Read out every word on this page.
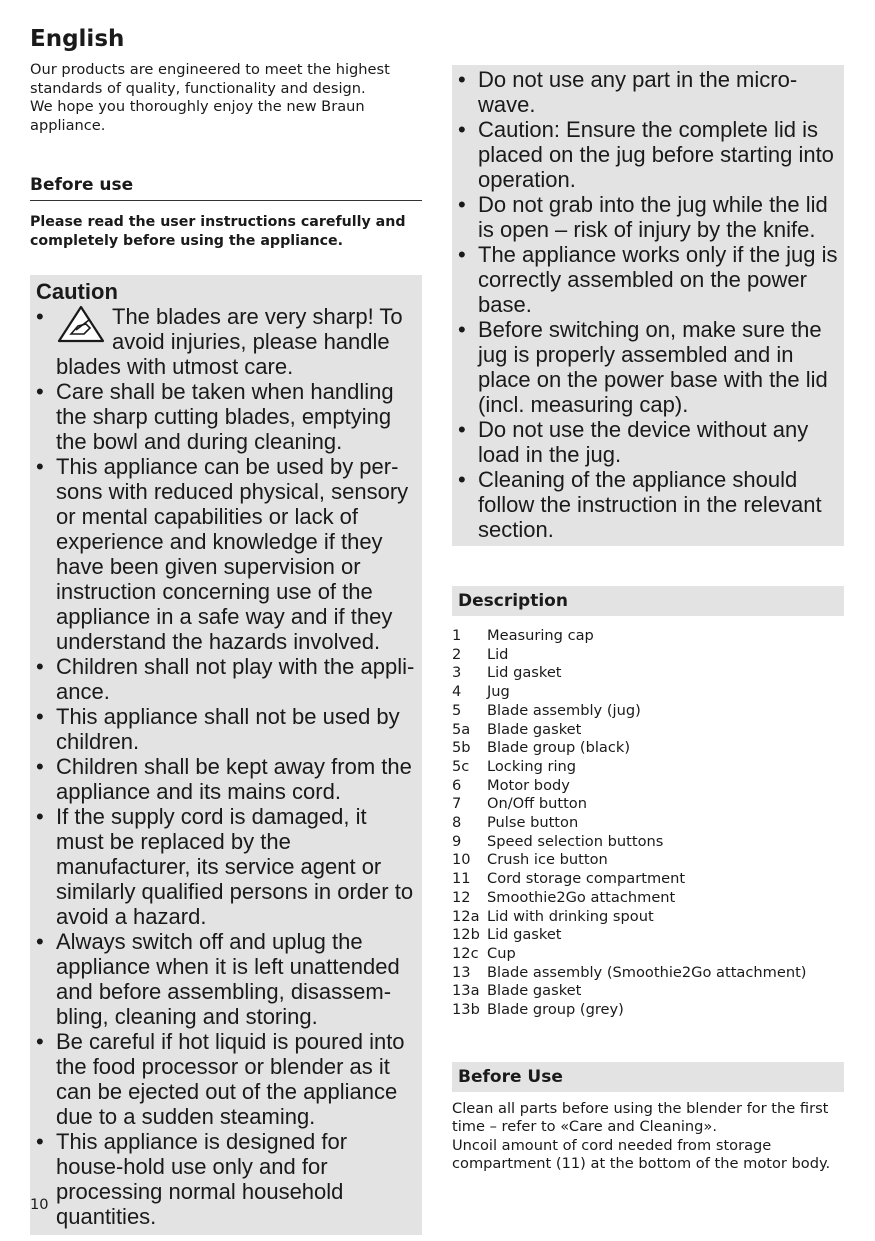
English

Our products are engineered to meet the highest standards of quality, functionality and design.

We hope you thoroughly enjoy the new Braun appliance.

Before use
Please read the user instructions carefully and completely before using the appliance.
Caution
• The blades are very sharp! To avoid injuries, please handle blades with utmost care.
• Care shall be taken when handling the sharp cutting blades, emptying the bowl and during cleaning.
• This appliance can be used by per-sons with reduced physical, sensory or mental capabilities or lack of experience and knowledge if they have been given supervision or instruction concerning use of the appliance in a safe way and if they understand the hazards involved.
• Children shall not play with the appli-ance.
• This appliance shall not be used by children.
• Children shall be kept away from the appliance and its mains cord.
• If the supply cord is damaged, it must be replaced by the manufacturer, its service agent or similarly qualified persons in order to avoid a hazard.
• Always switch off and uplug the appliance when it is left unattended and before assembling, disassem-bling, cleaning and storing.
• Be careful if hot liquid is poured into the food processor or blender as it can be ejected out of the appliance due to a sudden steaming.
• This appliance is designed for house-hold use only and for processing normal household quantities.
• Do not use any part in the micro-wave.
• Caution: Ensure the complete lid is placed on the jug before starting into operation.
• Do not grab into the jug while the lid is open – risk of injury by the knife.
• The appliance works only if the jug is correctly assembled on the power base.
• Before switching on, make sure the jug is properly assembled and in place on the power base with the lid (incl. measuring cap).
• Do not use the device without any load in the jug.
• Cleaning of the appliance should follow the instruction in the relevant section.
Description
1	Measuring cap
2	Lid
3	Lid gasket
4	Jug
5	Blade assembly (jug)
5a	Blade gasket
5b	Blade group (black)
5c	Locking ring
6	Motor body
7	On/Off button
8	Pulse button
9	Speed selection buttons
10	Crush ice button
11	Cord storage compartment
12	Smoothie2Go attachment
12a	Lid with drinking spout
12b	Lid gasket
12c	Cup
13	Blade assembly (Smoothie2Go attachment)
13a	Blade gasket
13b	Blade group (grey)
Before Use

Clean all parts before using the blender for the first time – refer to «Care and Cleaning».

Uncoil amount of cord needed from storage compartment (11) at the bottom of the motor body.

10
